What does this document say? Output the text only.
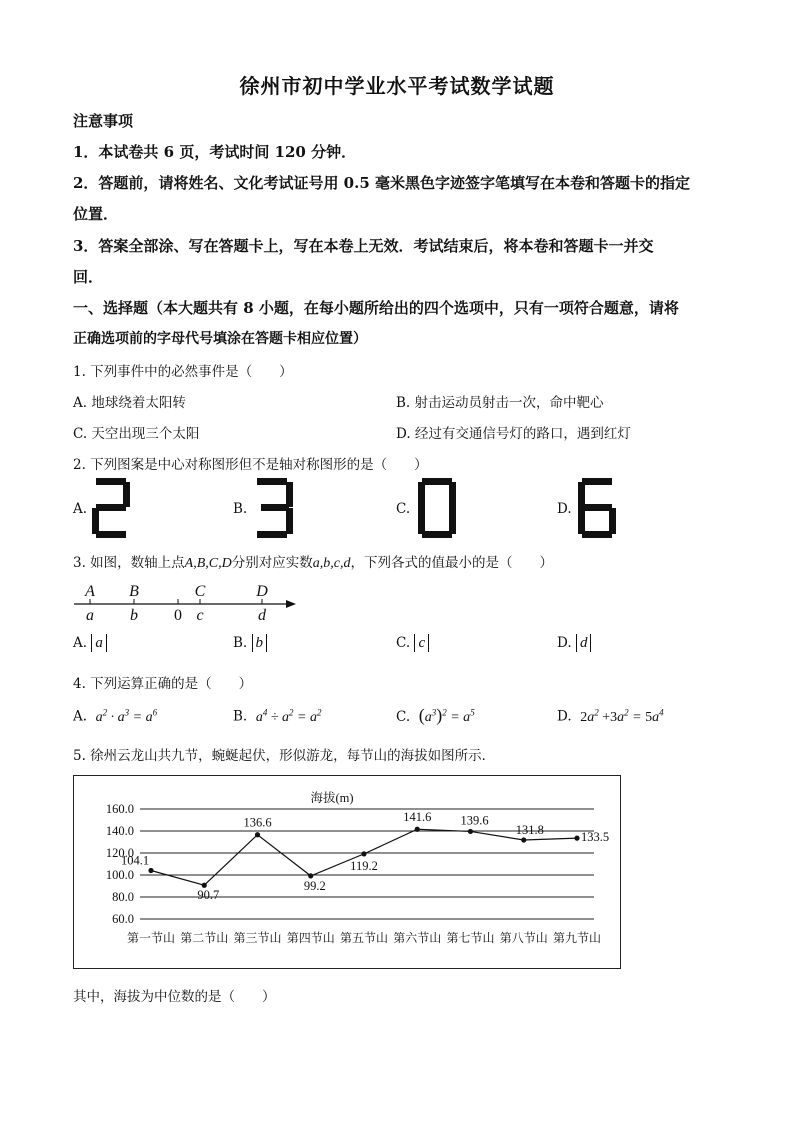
徐州市初中学业水平考试数学试题
注意事项
1．本试卷共 6 页，考试时间 120 分钟．
2．答题前，请将姓名、文化考试证号用 0.5 毫米黑色字迹签字笔填写在本卷和答题卡的指定
位置．
3．答案全部涂、写在答题卡上，写在本卷上无效．考试结束后，将本卷和答题卡一并交
回．
一、选择题（本大题共有 8 小题，在每小题所给出的四个选项中，只有一项符合题意，请将
正确选项前的字母代号填涂在答题卡相应位置）
1. 下列事件中的必然事件是（　　）
A. 地球绕着太阳转	B. 射击运动员射击一次，命中靶心
C. 天空出现三个太阳	D. 经过有交通信号灯的路口，遇到红灯
2. 下列图案是中心对称图形但不是轴对称图形的是（　　）
A.	B.	C.	D.
3. 如图，数轴上点A,B,C,D分别对应实数a,b,c,d，下列各式的值最小的是（　　）
A B	C	D
a b 0 c	d
A. a	B. b	C. c	D. d
4. 下列运算正确的是（　　）
A. $a^2 \cdot a^3 = a^6$	B. $a^4 \div a^2 = a^2$	C. $(a^3)^2 = a^5$	D. $2a^2 +3a^2 = 5a^4$
5. 徐州云龙山共九节，蜿蜒起伏，形似游龙，每节山的海拔如图所示．
海拔(m)
160.0
140.0
120.0
100.0
80.0
60.0
第一节山 第二节山 第三节山 第四节山 第五节山 第六节山 第七节山 第八节山 第九节山
104.1
90.7
136.6
99.2
119.2
141.6 139.6
131.8
133.5
其中，海拔为中位数的是（　　）
